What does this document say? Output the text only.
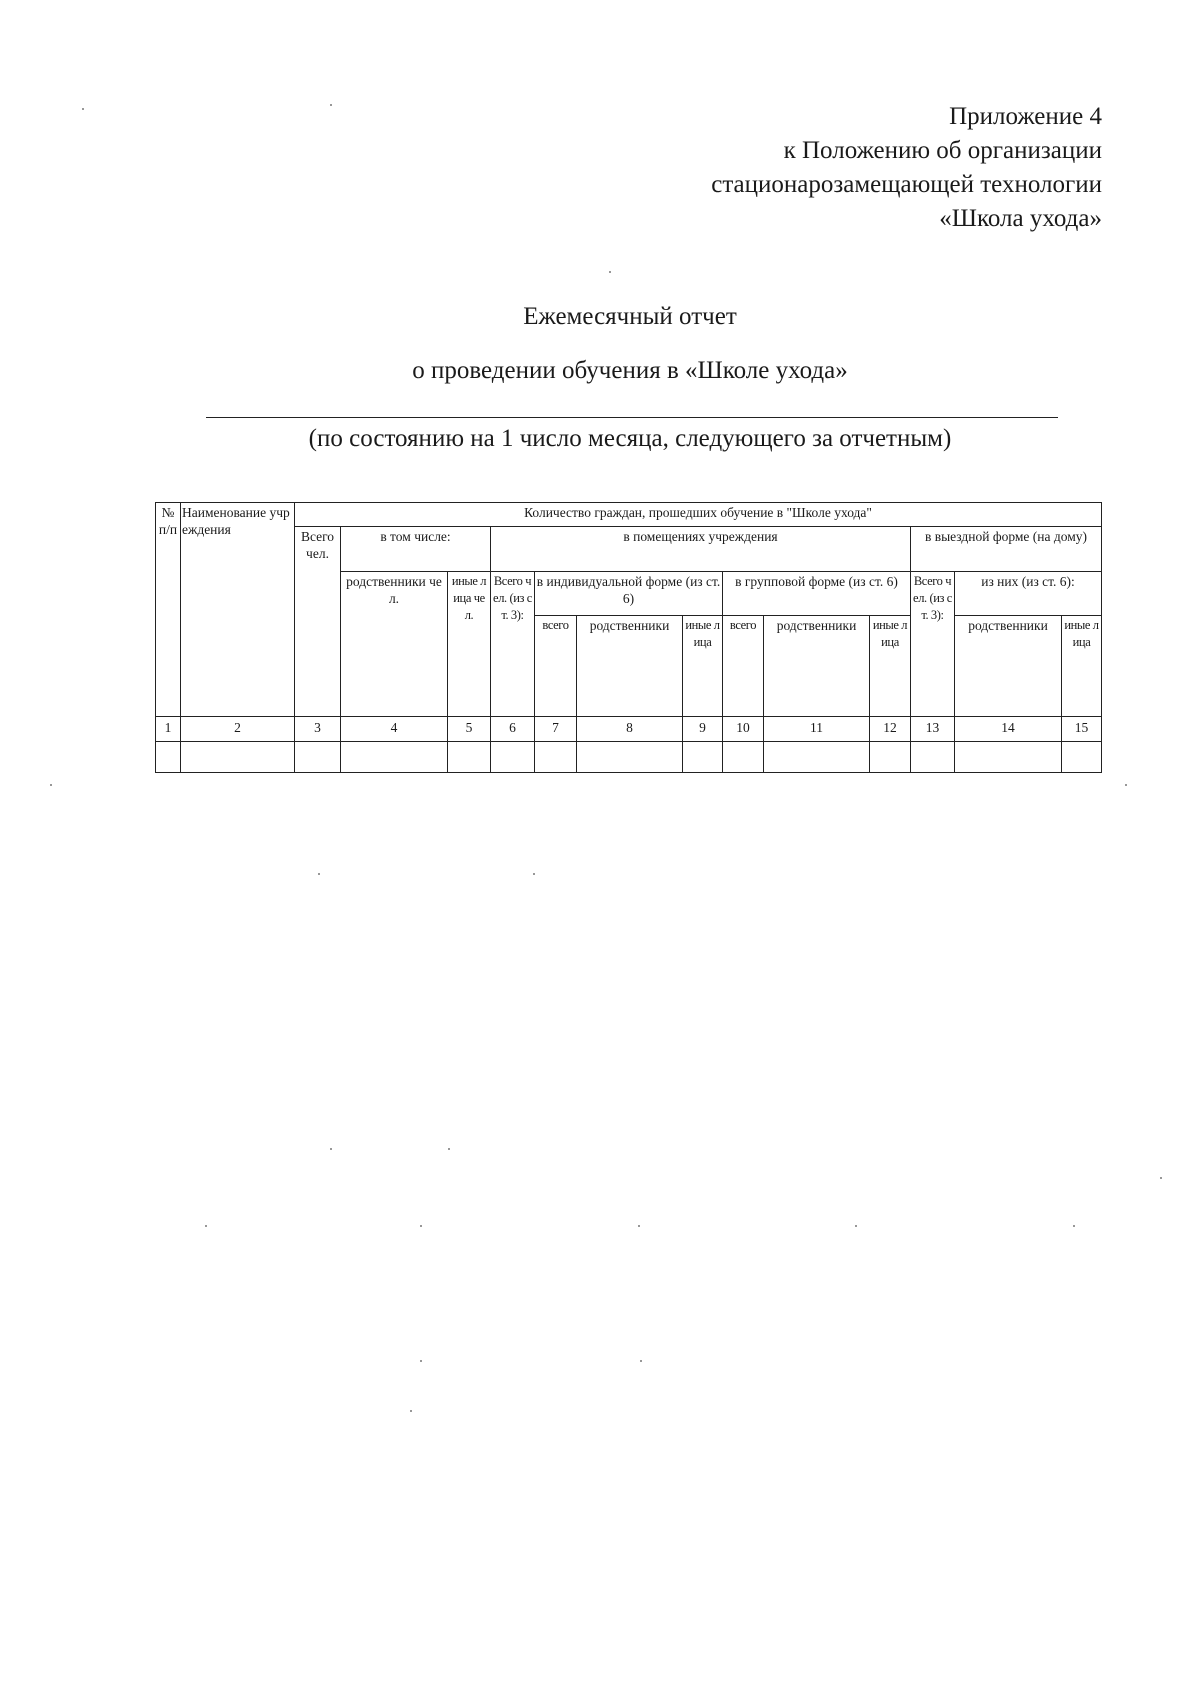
Приложение 4
к Положению об организации
стационарозамещающей технологии
«Школа ухода»
Ежемесячный отчет
о проведении обучения в «Школе ухода»
(по состоянию на 1 число месяца, следующего за отчетным)
№ п/п	Наименование учреждения	Количество граждан, прошедших обучение в "Школе ухода"												
		Всего чел.	в том числе:		в помещениях учреждения							в выездной форме (на дому)		
			родственники чел.	иные лица чел.	Всего чел. (из ст. 3):	в индивидуальной форме (из ст. 6)			в групповой форме (из ст. 6)			Всего чел. (из ст. 3):	из них (из ст. 6):	
						всего	родственники	иные лица	всего	родственники	иные лица		родственники	иные лица
1	2	3	4	5	6	7	8	9	10	11	12	13	14	15
